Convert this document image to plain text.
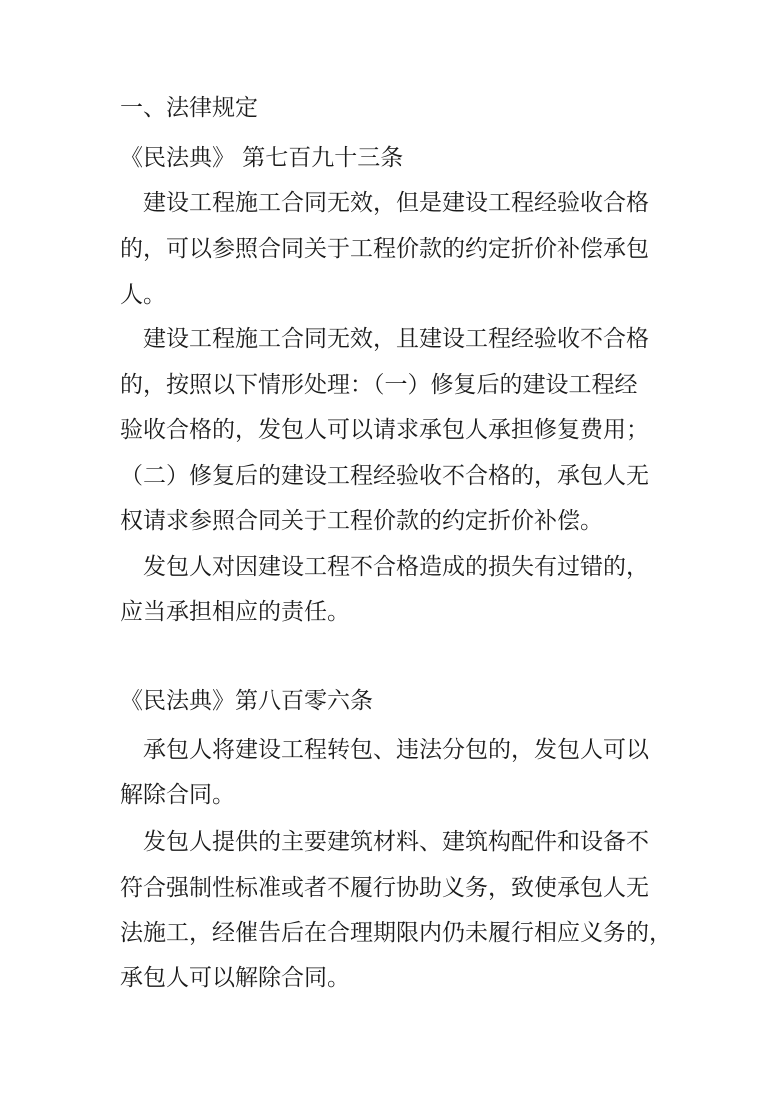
一、法律规定
《民法典》 第七百九十三条
建设工程施工合同无效，但是建设工程经验收合格
的，可以参照合同关于工程价款的约定折价补偿承包
人。
建设工程施工合同无效，且建设工程经验收不合格
的，按照以下情形处理：（一）修复后的建设工程经
验收合格的，发包人可以请求承包人承担修复费用；
（二）修复后的建设工程经验收不合格的，承包人无
权请求参照合同关于工程价款的约定折价补偿。
发包人对因建设工程不合格造成的损失有过错的，
应当承担相应的责任。
《民法典》第八百零六条
承包人将建设工程转包、违法分包的，发包人可以
解除合同。
发包人提供的主要建筑材料、建筑构配件和设备不
符合强制性标准或者不履行协助义务，致使承包人无
法施工，经催告后在合理期限内仍未履行相应义务的，
承包人可以解除合同。
